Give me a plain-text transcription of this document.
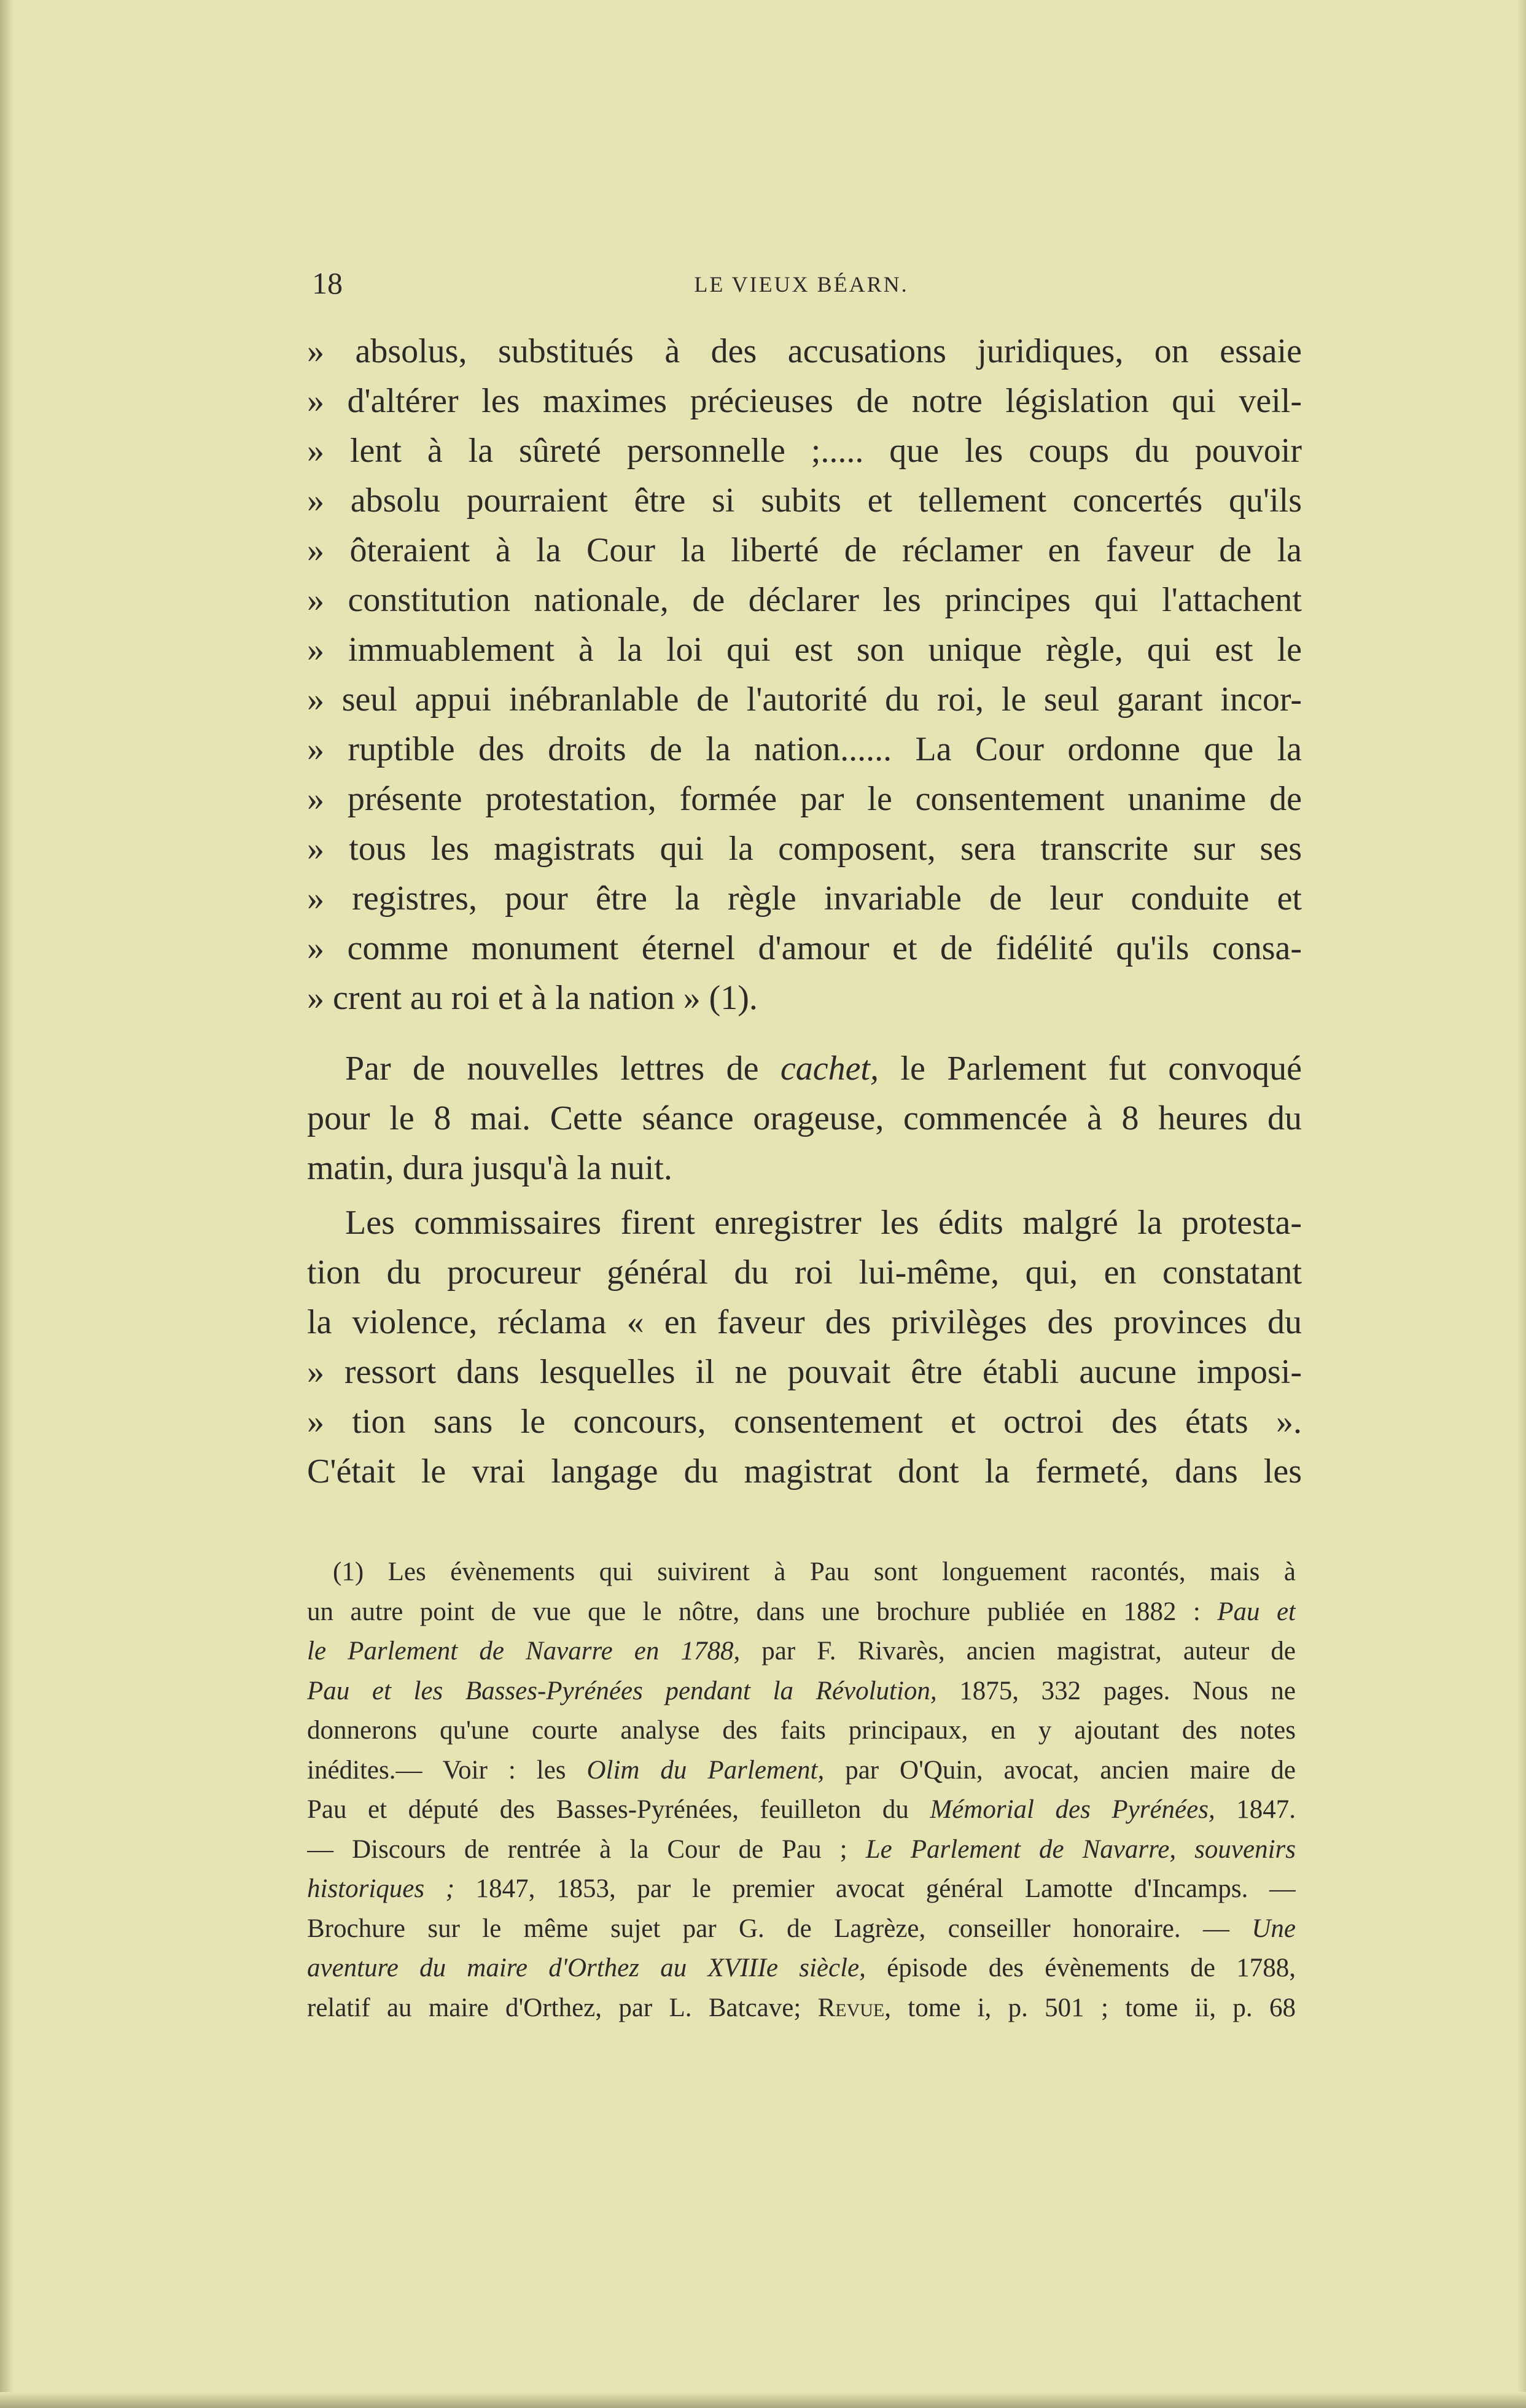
18	LE VIEUX BÉARN.
» absolus, substitués à des accusations juridiques, on essaie
» d'altérer les maximes précieuses de notre législation qui veil-
» lent à la sûreté personnelle ;..... que les coups du pouvoir
» absolu pourraient être si subits et tellement concertés qu'ils
» ôteraient à la Cour la liberté de réclamer en faveur de la
» constitution nationale, de déclarer les principes qui l'attachent
» immuablement à la loi qui est son unique règle, qui est le
» seul appui inébranlable de l'autorité du roi, le seul garant incor-
» ruptible des droits de la nation...... La Cour ordonne que la
» présente protestation, formée par le consentement unanime de
» tous les magistrats qui la composent, sera transcrite sur ses
» registres, pour être la règle invariable de leur conduite et
» comme monument éternel d'amour et de fidélité qu'ils consa-
» crent au roi et à la nation » (1).
Par de nouvelles lettres de cachet, le Parlement fut convoqué
pour le 8 mai. Cette séance orageuse, commencée à 8 heures du
matin, dura jusqu'à la nuit.
Les commissaires firent enregistrer les édits malgré la protesta-
tion du procureur général du roi lui-même, qui, en constatant
la violence, réclama « en faveur des privilèges des provinces du
» ressort dans lesquelles il ne pouvait être établi aucune imposi-
» tion sans le concours, consentement et octroi des états ».
C'était le vrai langage du magistrat dont la fermeté, dans les
(1) Les évènements qui suivirent à Pau sont longuement racontés, mais à
un autre point de vue que le nôtre, dans une brochure publiée en 1882 : Pau et
le Parlement de Navarre en 1788, par F. Rivarès, ancien magistrat, auteur de
Pau et les Basses-Pyrénées pendant la Révolution, 1875, 332 pages. Nous ne
donnerons qu'une courte analyse des faits principaux, en y ajoutant des notes
inédites.— Voir : les Olim du Parlement, par O'Quin, avocat, ancien maire de
Pau et député des Basses-Pyrénées, feuilleton du Mémorial des Pyrénées, 1847.
— Discours de rentrée à la Cour de Pau ; Le Parlement de Navarre, souvenirs
historiques ; 1847, 1853, par le premier avocat général Lamotte d'Incamps. —
Brochure sur le même sujet par G. de Lagrèze, conseiller honoraire. — Une
aventure du maire d'Orthez au XVIIIe siècle, épisode des évènements de 1788,
relatif au maire d'Orthez, par L. Batcave; Revue, tome i, p. 501 ; tome ii, p. 68
